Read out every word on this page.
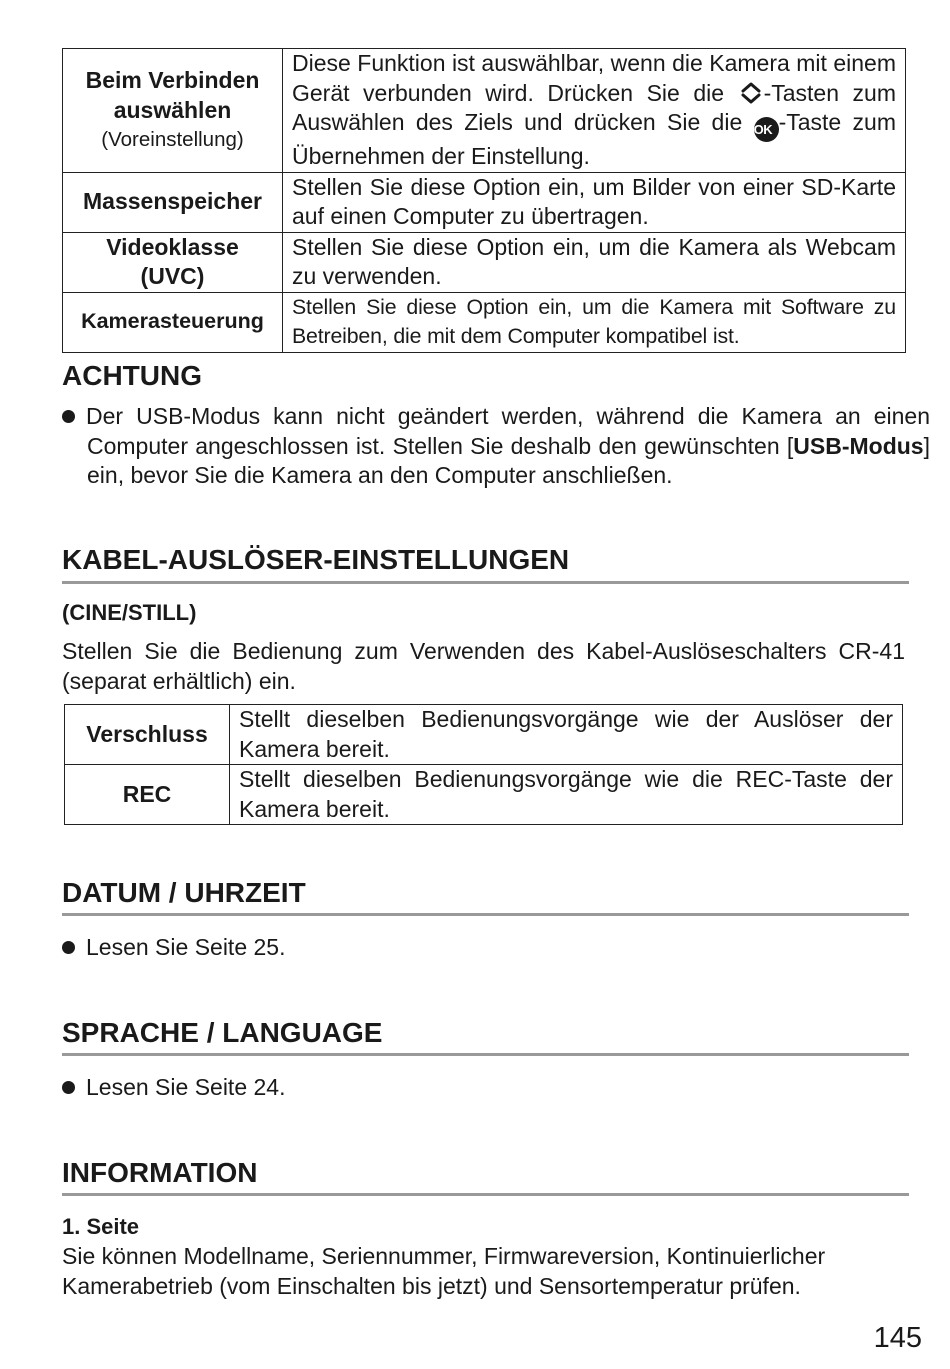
Beim Verbinden auswählen
(Voreinstellung)	Diese Funktion ist auswählbar, wenn die Kamera mit einem Gerät verbunden wird. Drücken Sie die -Tasten zum Auswählen des Ziels und drücken Sie die OK -Taste zum Übernehmen der Einstellung.
Massenspeicher	Stellen Sie diese Option ein, um Bilder von einer SD-Karte auf einen Computer zu übertragen.
Videoklasse (UVC)	Stellen Sie diese Option ein, um die Kamera als Webcam zu verwenden.
Kamerasteuerung	Stellen Sie diese Option ein, um die Kamera mit Software zu Betreiben, die mit dem Computer kompatibel ist.
ACHTUNG
Der USB-Modus kann nicht geändert werden, während die Kamera an einen Computer angeschlossen ist. Stellen Sie deshalb den gewünschten [USB-Modus] ein, bevor Sie die Kamera an den Computer anschließen.
KABEL-AUSLÖSER-EINSTELLUNGEN
(CINE/STILL)
Stellen Sie die Bedienung zum Verwenden des Kabel-Auslöseschalters CR-41 (separat erhältlich) ein.
Verschluss	Stellt dieselben Bedienungsvorgänge wie der Auslöser der Kamera bereit.
REC	Stellt dieselben Bedienungsvorgänge wie die REC-Taste der Kamera bereit.
DATUM / UHRZEIT
Lesen Sie Seite 25.
SPRACHE / LANGUAGE
Lesen Sie Seite 24.
INFORMATION
1. Seite
Sie können Modellname, Seriennummer, Firmwareversion, Kontinuierlicher Kamerabetrieb (vom Einschalten bis jetzt) und Sensortemperatur prüfen.
145
